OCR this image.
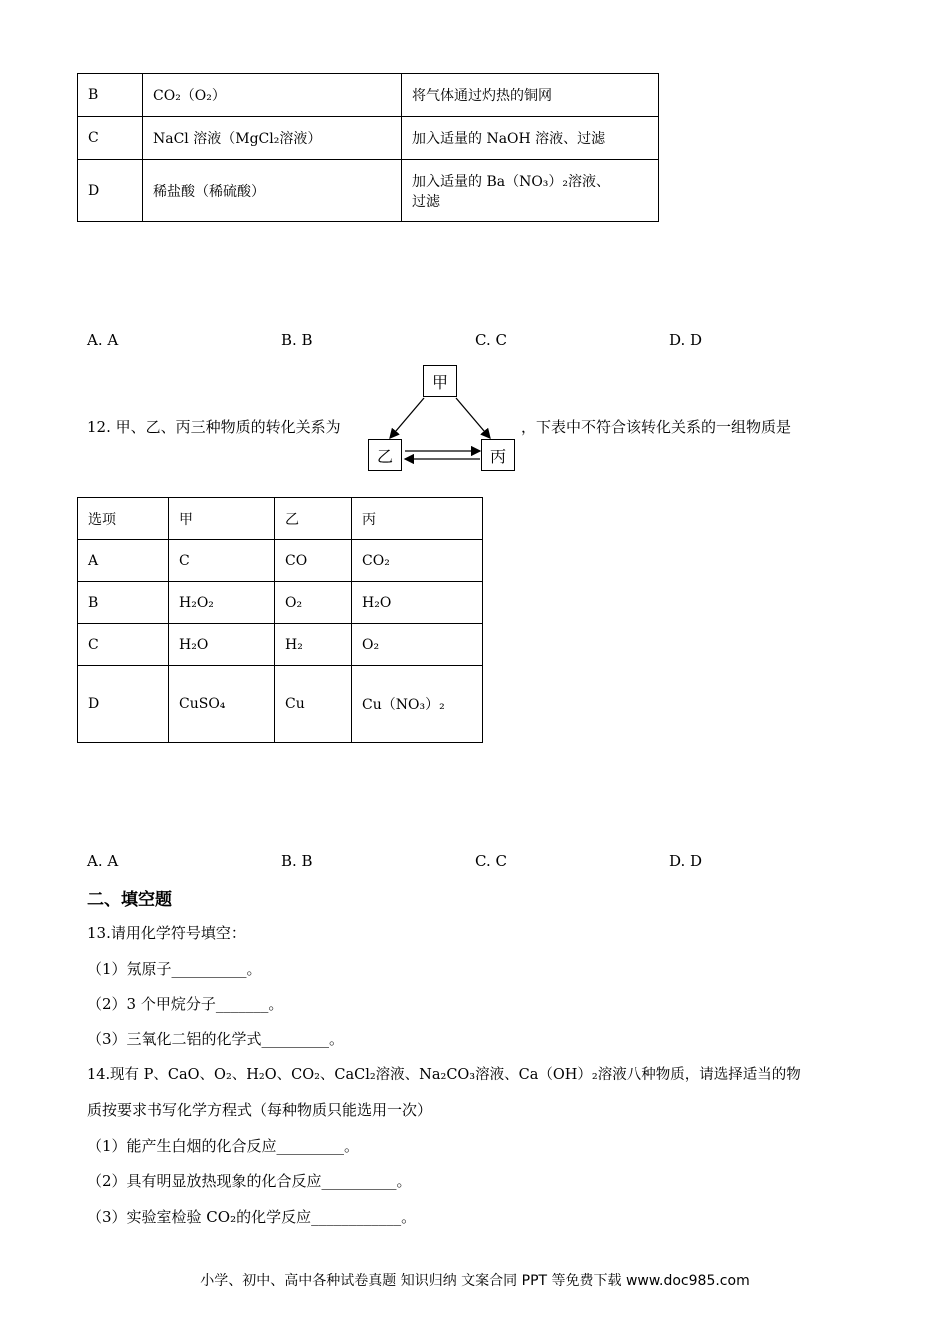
B	CO₂（O₂）	将气体通过灼热的铜网
C	NaCl 溶液（MgCl₂溶液）	加入适量的 NaOH 溶液、过滤
D	稀盐酸（稀硫酸）	加入适量的 Ba（NO₃）₂溶液、
过滤
A. A	B. B	C. C	D. D
12. 甲、乙、丙三种物质的转化关系为	，下表中不符合该转化关系的一组物质是
甲
乙	丙
选项	甲	乙	丙
A	C	CO	CO₂
B	H₂O₂	O₂	H₂O
C	H₂O	H₂	O₂
D	CuSO₄	Cu	Cu（NO₃）₂
A. A	B. B	C. C	D. D
二、填空题
13.请用化学符号填空：
（1）氖原子__________。
（2）3 个甲烷分子_______。
（3）三氧化二铝的化学式_________。
14.现有 P、CaO、O₂、H₂O、CO₂、CaCl₂溶液、Na₂CO₃溶液、Ca（OH）₂溶液八种物质，请选择适当的物
质按要求书写化学方程式（每种物质只能选用一次）
（1）能产生白烟的化合反应_________。
（2）具有明显放热现象的化合反应__________。
（3）实验室检验 CO₂的化学反应____________。
小学、初中、高中各种试卷真题 知识归纳 文案合同 PPT 等免费下载 www.doc985.com
